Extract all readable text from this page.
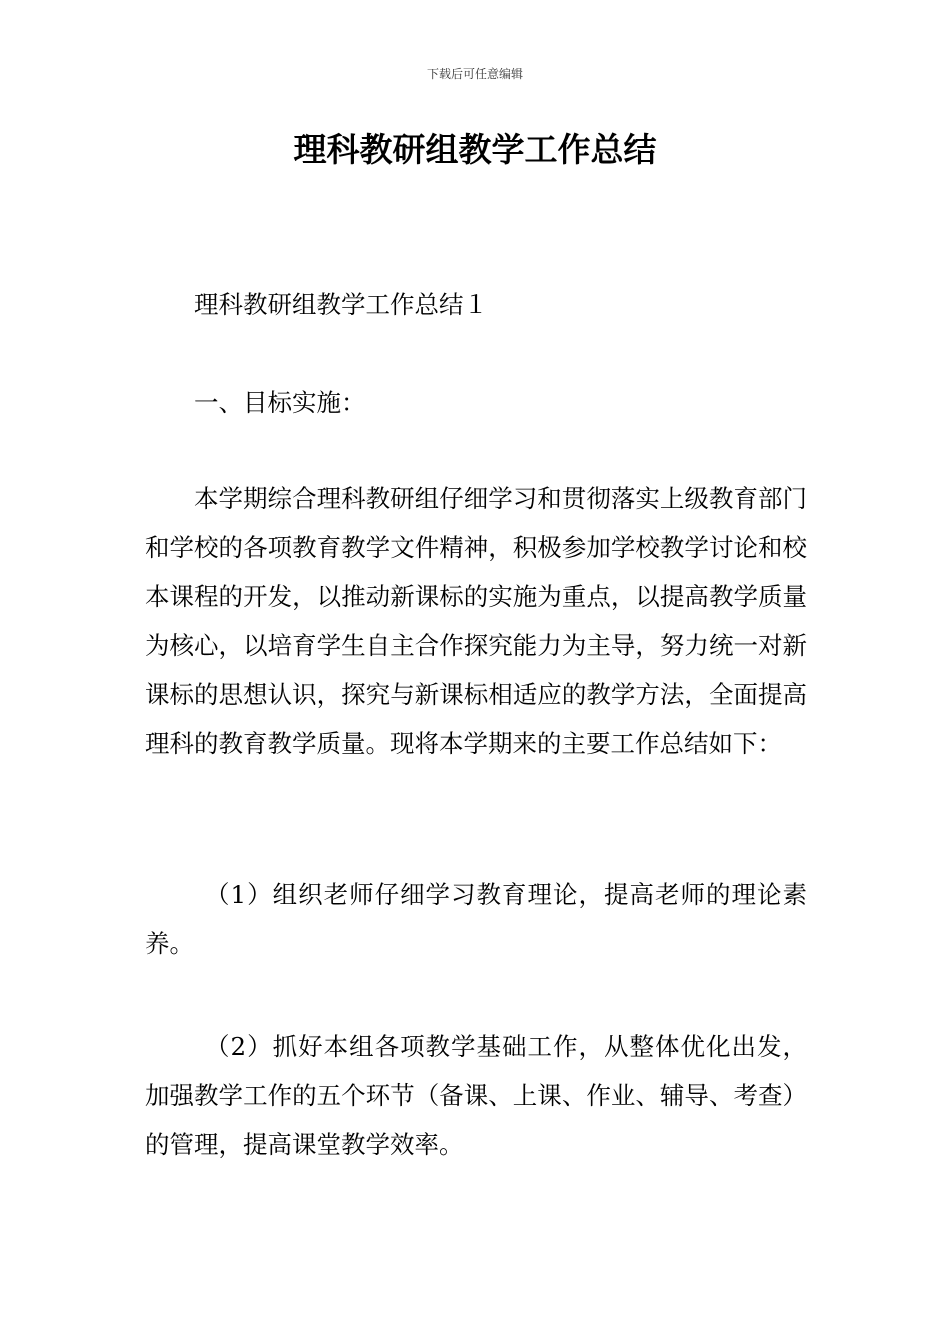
下载后可任意编辑
理科教研组教学工作总结

理科教研组教学工作总结１

一、目标实施：

本学期综合理科教研组仔细学习和贯彻落实上级教育部门和学校的各项教育教学文件精神，积极参加学校教学讨论和校本课程的开发，以推动新课标的实施为重点，以提高教学质量为核心，以培育学生自主合作探究能力为主导，努力统一对新课标的思想认识，探究与新课标相适应的教学方法，全面提高理科的教育教学质量。现将本学期来的主要工作总结如下：

（1）组织老师仔细学习教育理论，提高老师的理论素养。

（2）抓好本组各项教学基础工作，从整体优化出发，加强教学工作的五个环节（备课、上课、作业、辅导、考查）的管理，提高课堂教学效率。
